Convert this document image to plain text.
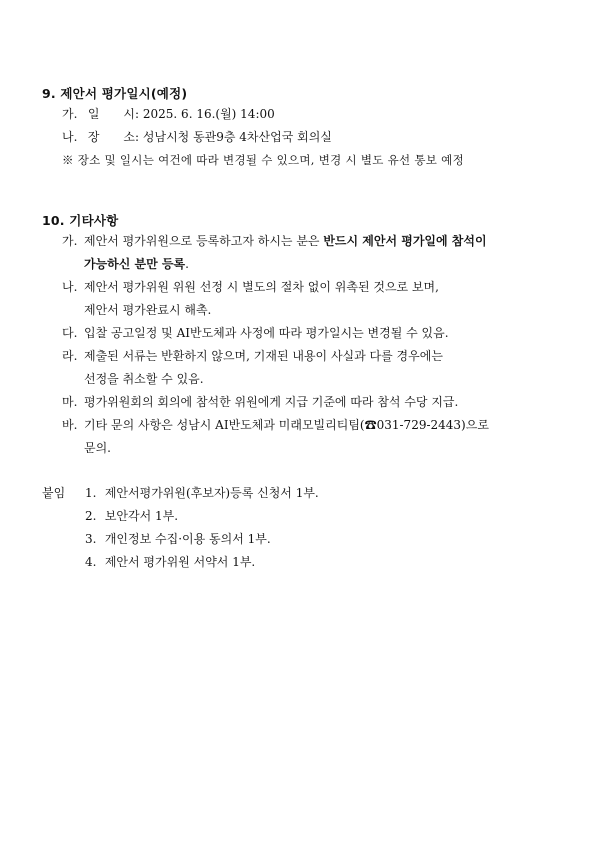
9. 제안서 평가일시(예정)
가. 일　　시: 2025. 6. 16.(월) 14:00
나. 장　　소: 성남시청 동관9층 4차산업국 회의실
※ 장소 및 일시는 여건에 따라 변경될 수 있으며, 변경 시 별도 유선 통보 예정
10. 기타사항
가. 제안서 평가위원으로 등록하고자 하시는 분은 반드시 제안서 평가일에 참석이
가능하신 분만 등록.
나. 제안서 평가위원 위원 선정 시 별도의 절차 없이 위촉된 것으로 보며,
제안서 평가완료시 해촉.
다. 입찰 공고일정 및 AI반도체과 사정에 따라 평가일시는 변경될 수 있음.
라. 제출된 서류는 반환하지 않으며, 기재된 내용이 사실과 다를 경우에는
선정을 취소할 수 있음.
마. 평가위원회의 회의에 참석한 위원에게 지급 기준에 따라 참석 수당 지급.
바. 기타 문의 사항은 성남시 AI반도체과 미래모빌리티팀(☎031-729-2443)으로
문의.
붙임 1. 제안서평가위원(후보자)등록 신청서 1부.
2. 보안각서 1부.
3. 개인정보 수집·이용 동의서 1부.
4. 제안서 평가위원 서약서 1부.
